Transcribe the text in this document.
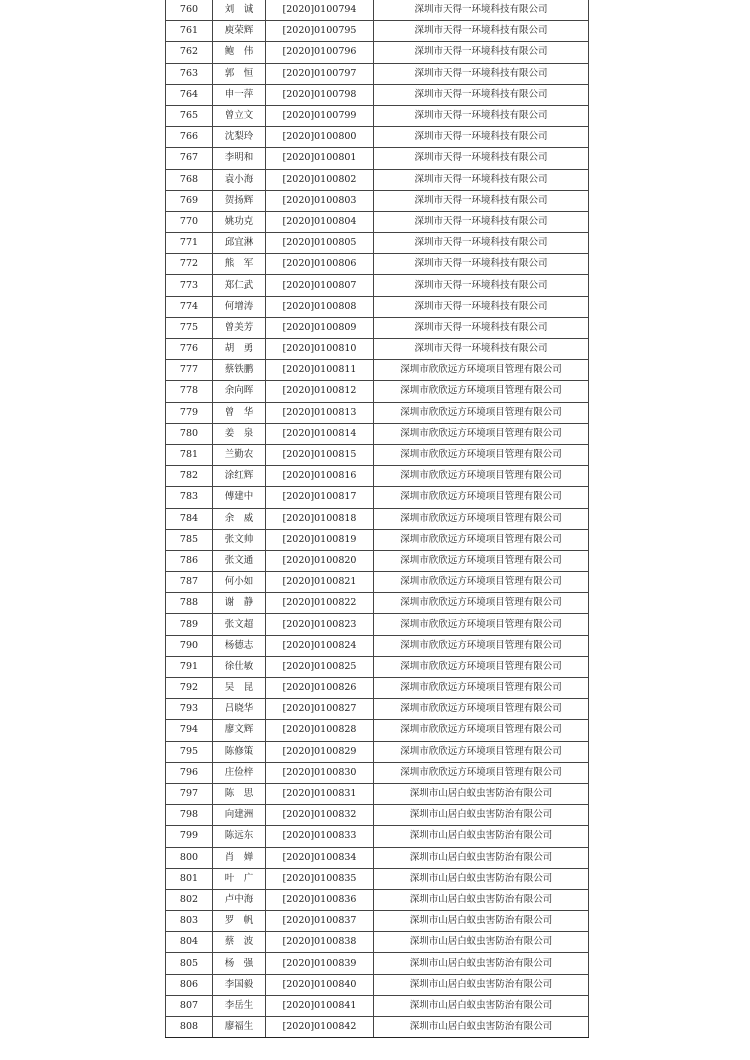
760	刘　诚	[2020]0100794	深圳市天得一环境科技有限公司
761	庾荣辉	[2020]0100795	深圳市天得一环境科技有限公司
762	鲍　伟	[2020]0100796	深圳市天得一环境科技有限公司
763	郭　恒	[2020]0100797	深圳市天得一环境科技有限公司
764	申一萍	[2020]0100798	深圳市天得一环境科技有限公司
765	曾立文	[2020]0100799	深圳市天得一环境科技有限公司
766	沈梨玲	[2020]0100800	深圳市天得一环境科技有限公司
767	李明和	[2020]0100801	深圳市天得一环境科技有限公司
768	袁小海	[2020]0100802	深圳市天得一环境科技有限公司
769	贺扬辉	[2020]0100803	深圳市天得一环境科技有限公司
770	姚功克	[2020]0100804	深圳市天得一环境科技有限公司
771	邱宜淋	[2020]0100805	深圳市天得一环境科技有限公司
772	熊　军	[2020]0100806	深圳市天得一环境科技有限公司
773	郑仁武	[2020]0100807	深圳市天得一环境科技有限公司
774	何增涛	[2020]0100808	深圳市天得一环境科技有限公司
775	曾美芳	[2020]0100809	深圳市天得一环境科技有限公司
776	胡　勇	[2020]0100810	深圳市天得一环境科技有限公司
777	蔡铁鹏	[2020]0100811	深圳市欣欣远方环境项目管理有限公司
778	余向晖	[2020]0100812	深圳市欣欣远方环境项目管理有限公司
779	曾　华	[2020]0100813	深圳市欣欣远方环境项目管理有限公司
780	姜　泉	[2020]0100814	深圳市欣欣远方环境项目管理有限公司
781	兰勤农	[2020]0100815	深圳市欣欣远方环境项目管理有限公司
782	涂红辉	[2020]0100816	深圳市欣欣远方环境项目管理有限公司
783	傅建中	[2020]0100817	深圳市欣欣远方环境项目管理有限公司
784	余　威	[2020]0100818	深圳市欣欣远方环境项目管理有限公司
785	张文帅	[2020]0100819	深圳市欣欣远方环境项目管理有限公司
786	张文通	[2020]0100820	深圳市欣欣远方环境项目管理有限公司
787	何小如	[2020]0100821	深圳市欣欣远方环境项目管理有限公司
788	谢　静	[2020]0100822	深圳市欣欣远方环境项目管理有限公司
789	张文超	[2020]0100823	深圳市欣欣远方环境项目管理有限公司
790	杨德志	[2020]0100824	深圳市欣欣远方环境项目管理有限公司
791	徐仕敏	[2020]0100825	深圳市欣欣远方环境项目管理有限公司
792	吴　昆	[2020]0100826	深圳市欣欣远方环境项目管理有限公司
793	吕晓华	[2020]0100827	深圳市欣欣远方环境项目管理有限公司
794	廖文辉	[2020]0100828	深圳市欣欣远方环境项目管理有限公司
795	陈修策	[2020]0100829	深圳市欣欣远方环境项目管理有限公司
796	庄俭梓	[2020]0100830	深圳市欣欣远方环境项目管理有限公司
797	陈　思	[2020]0100831	深圳市山居白蚁虫害防治有限公司
798	向建洲	[2020]0100832	深圳市山居白蚁虫害防治有限公司
799	陈远东	[2020]0100833	深圳市山居白蚁虫害防治有限公司
800	肖　婵	[2020]0100834	深圳市山居白蚁虫害防治有限公司
801	叶　广	[2020]0100835	深圳市山居白蚁虫害防治有限公司
802	卢中海	[2020]0100836	深圳市山居白蚁虫害防治有限公司
803	罗　帆	[2020]0100837	深圳市山居白蚁虫害防治有限公司
804	蔡　波	[2020]0100838	深圳市山居白蚁虫害防治有限公司
805	杨　强	[2020]0100839	深圳市山居白蚁虫害防治有限公司
806	李国毅	[2020]0100840	深圳市山居白蚁虫害防治有限公司
807	李岳生	[2020]0100841	深圳市山居白蚁虫害防治有限公司
808	廖福生	[2020]0100842	深圳市山居白蚁虫害防治有限公司
